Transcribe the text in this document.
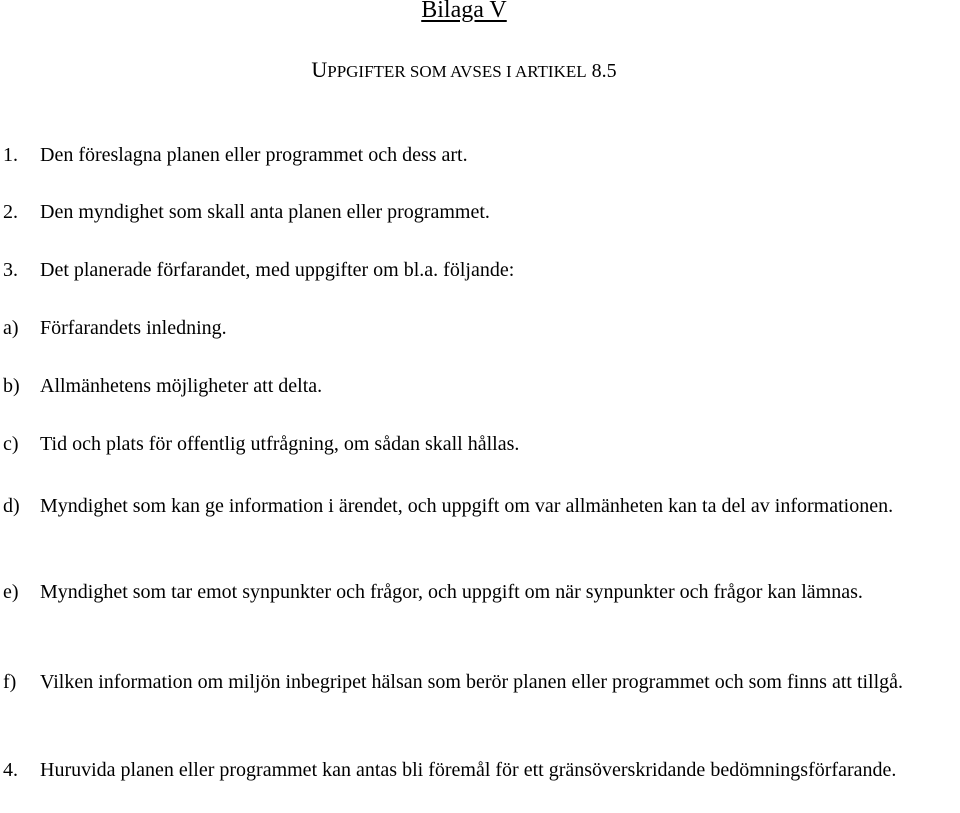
Bilaga V
UPPGIFTER SOM AVSES I ARTIKEL 8.5
1. Den föreslagna planen eller programmet och dess art.
2. Den myndighet som skall anta planen eller programmet.
3. Det planerade förfarandet, med uppgifter om bl.a. följande:
a) Förfarandets inledning.
b) Allmänhetens möjligheter att delta.
c) Tid och plats för offentlig utfrågning, om sådan skall hållas.
d) Myndighet som kan ge information i ärendet, och uppgift om var allmänheten kan ta del av informationen.
e) Myndighet som tar emot synpunkter och frågor, och uppgift om när synpunkter och frågor kan lämnas.
f) Vilken information om miljön inbegripet hälsan som berör planen eller programmet och som finns att tillgå.
4. Huruvida planen eller programmet kan antas bli föremål för ett gränsöverskridande bedömningsförfarande.
